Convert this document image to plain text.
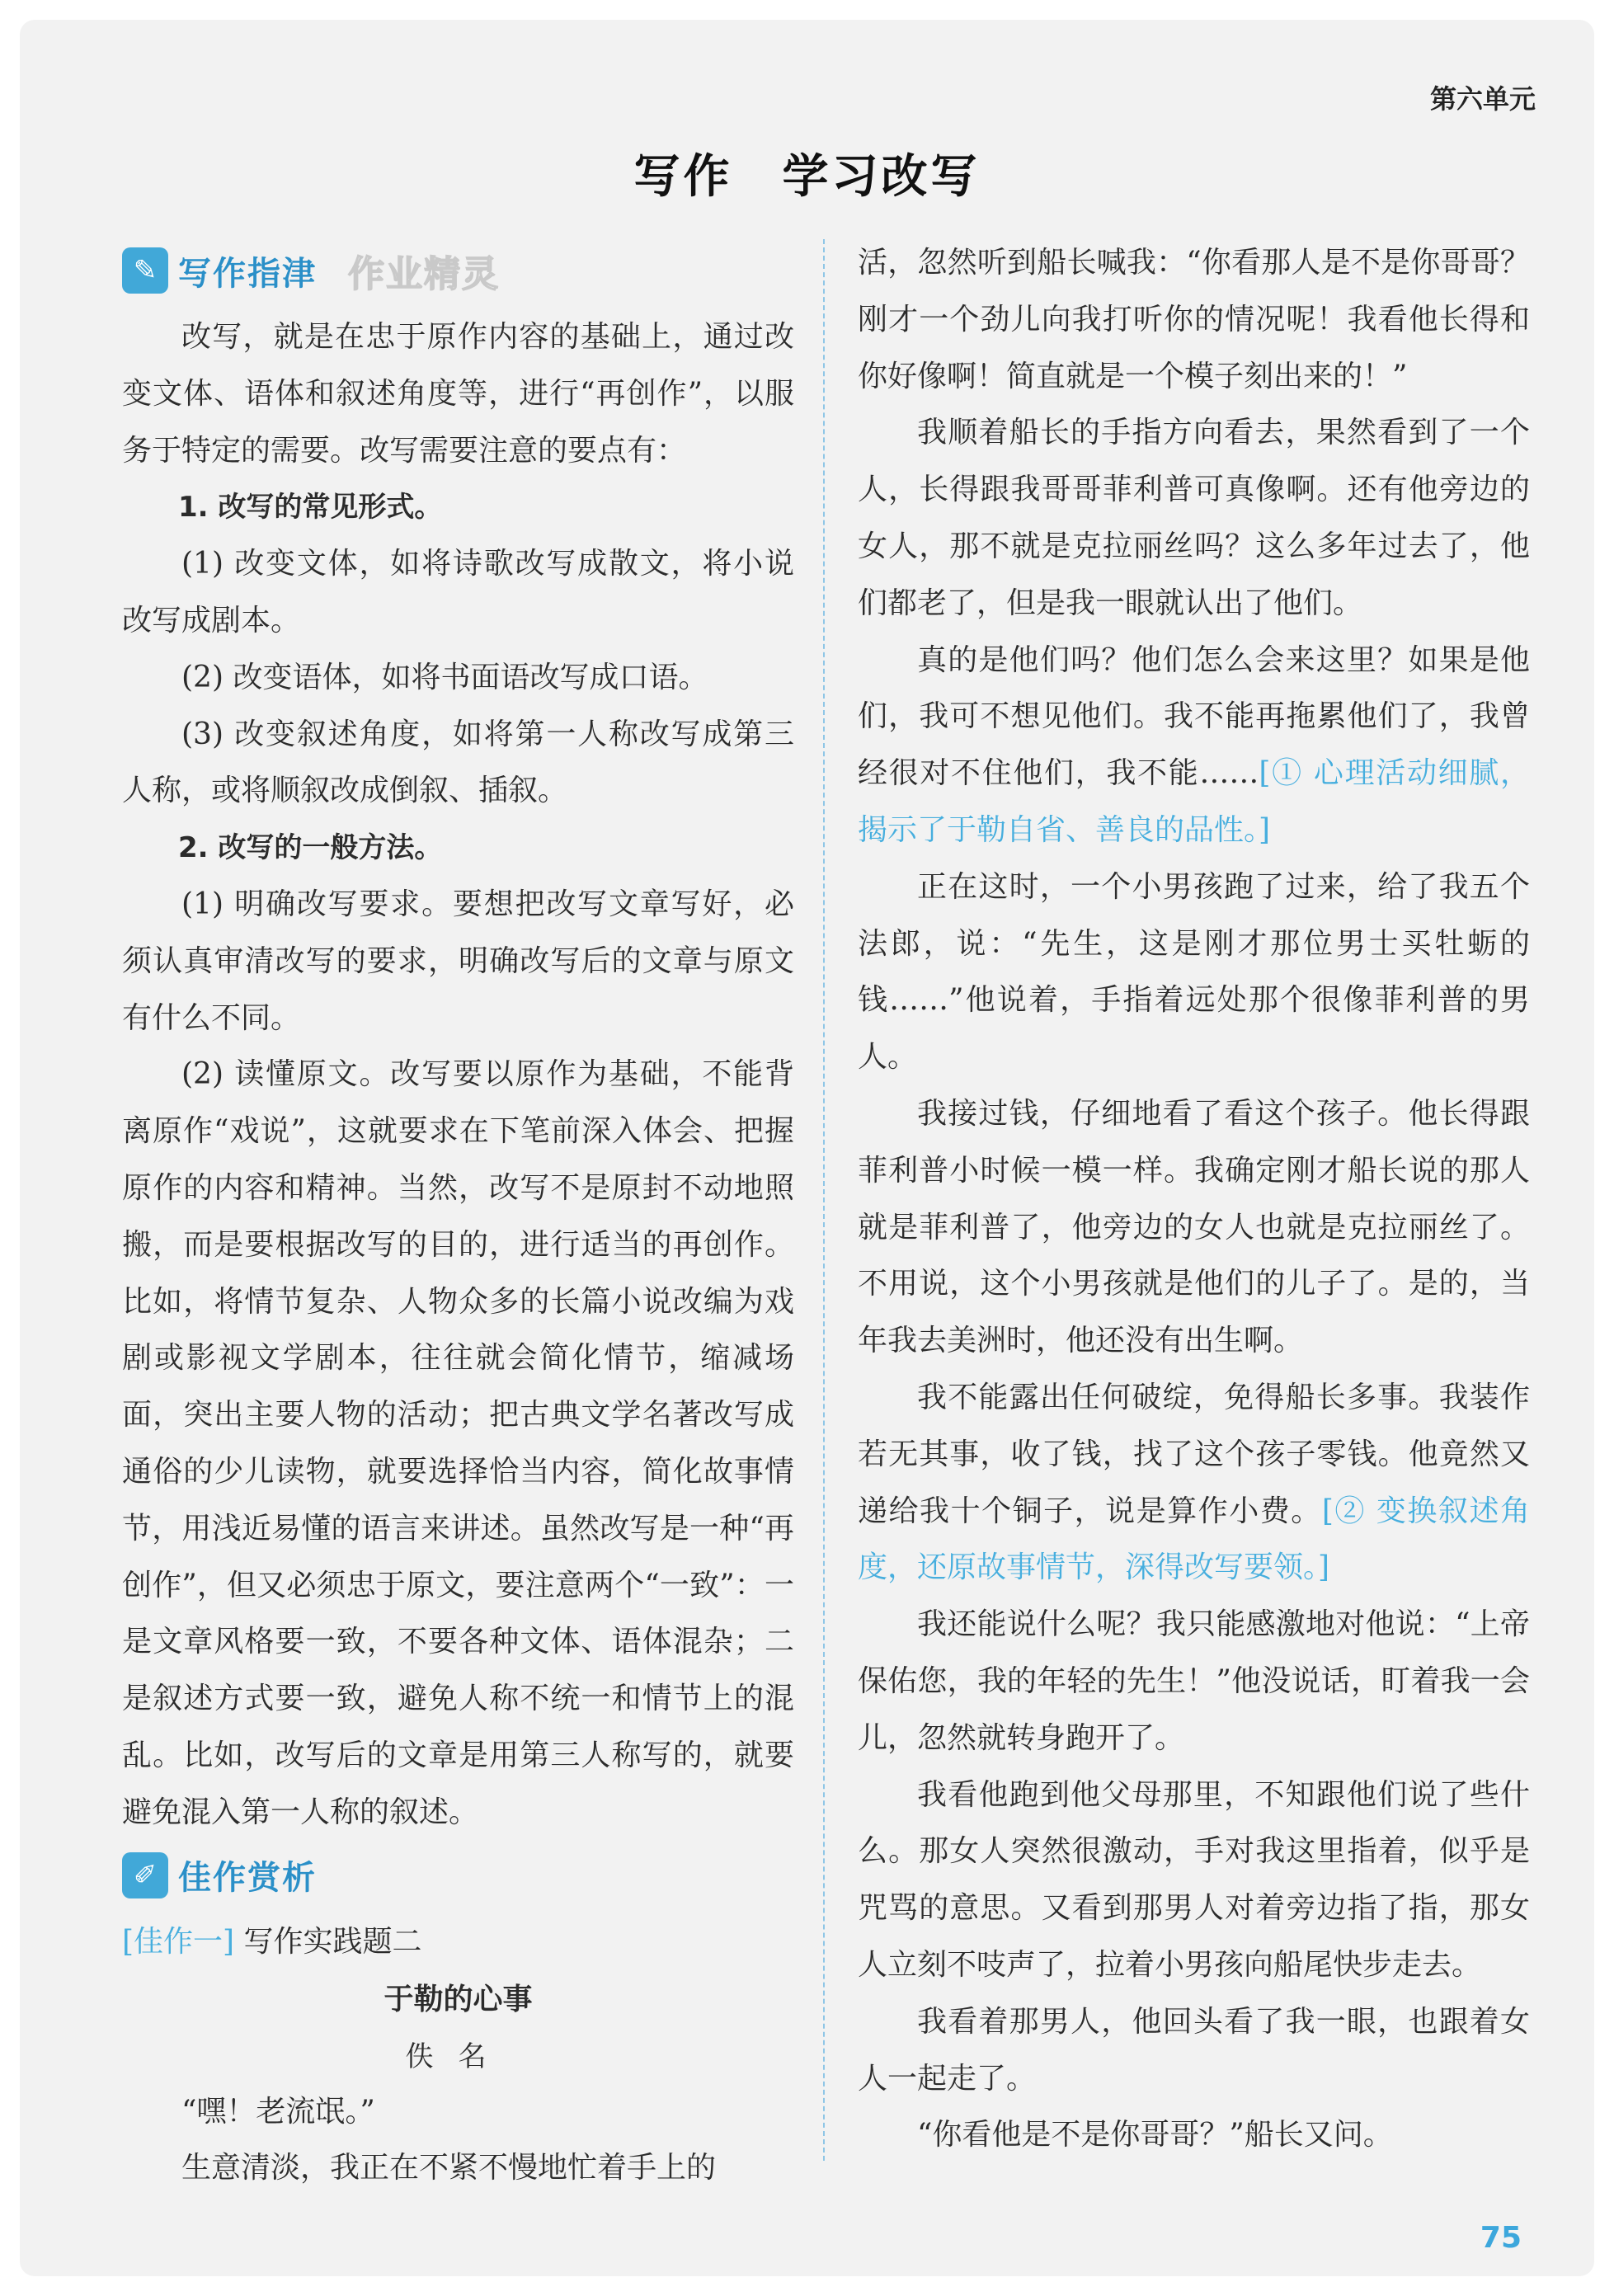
第六单元
写作　学习改写
✎ 写作指津 作业精灵

改写，就是在忠于原作内容的基础上，通过改变文体、语体和叙述角度等，进行“再创作”，以服务于特定的需要。改写需要注意的要点有：

1. 改写的常见形式。

(1) 改变文体，如将诗歌改写成散文，将小说改写成剧本。

(2) 改变语体，如将书面语改写成口语。

(3) 改变叙述角度，如将第一人称改写成第三人称，或将顺叙改成倒叙、插叙。

2. 改写的一般方法。

(1) 明确改写要求。要想把改写文章写好，必须认真审清改写的要求，明确改写后的文章与原文有什么不同。

(2) 读懂原文。改写要以原作为基础，不能背离原作“戏说”，这就要求在下笔前深入体会、把握原作的内容和精神。当然，改写不是原封不动地照搬，而是要根据改写的目的，进行适当的再创作。比如，将情节复杂、人物众多的长篇小说改编为戏剧或影视文学剧本，往往就会简化情节，缩减场面，突出主要人物的活动；把古典文学名著改写成通俗的少儿读物，就要选择恰当内容，简化故事情节，用浅近易懂的语言来讲述。虽然改写是一种“再创作”，但又必须忠于原文，要注意两个“一致”：一是文章风格要一致，不要各种文体、语体混杂；二是叙述方式要一致，避免人称不统一和情节上的混乱。比如，改写后的文章是用第三人称写的，就要避免混入第一人称的叙述。

✐ 佳作赏析
[佳作一] 写作实践题二
于勒的心事
佚名

“嘿！老流氓。”

生意清淡，我正在不紧不慢地忙着手上的

活，忽然听到船长喊我：“你看那人是不是你哥哥？刚才一个劲儿向我打听你的情况呢！我看他长得和你好像啊！简直就是一个模子刻出来的！”

我顺着船长的手指方向看去，果然看到了一个人，长得跟我哥哥菲利普可真像啊。还有他旁边的女人，那不就是克拉丽丝吗？这么多年过去了，他们都老了，但是我一眼就认出了他们。

真的是他们吗？他们怎么会来这里？如果是他们，我可不想见他们。我不能再拖累他们了，我曾经很对不住他们，我不能……[① 心理活动细腻，揭示了于勒自省、善良的品性。]

正在这时，一个小男孩跑了过来，给了我五个法郎，说：“先生，这是刚才那位男士买牡蛎的钱……”他说着，手指着远处那个很像菲利普的男人。

我接过钱，仔细地看了看这个孩子。他长得跟菲利普小时候一模一样。我确定刚才船长说的那人就是菲利普了，他旁边的女人也就是克拉丽丝了。不用说，这个小男孩就是他们的儿子了。是的，当年我去美洲时，他还没有出生啊。

我不能露出任何破绽，免得船长多事。我装作若无其事，收了钱，找了这个孩子零钱。他竟然又递给我十个铜子，说是算作小费。[② 变换叙述角度，还原故事情节，深得改写要领。]

我还能说什么呢？我只能感激地对他说：“上帝保佑您，我的年轻的先生！”他没说话，盯着我一会儿，忽然就转身跑开了。

我看他跑到他父母那里，不知跟他们说了些什么。那女人突然很激动，手对我这里指着，似乎是咒骂的意思。又看到那男人对着旁边指了指，那女人立刻不吱声了，拉着小男孩向船尾快步走去。

我看着那男人，他回头看了我一眼，也跟着女人一起走了。

“你看他是不是你哥哥？”船长又问。

75
